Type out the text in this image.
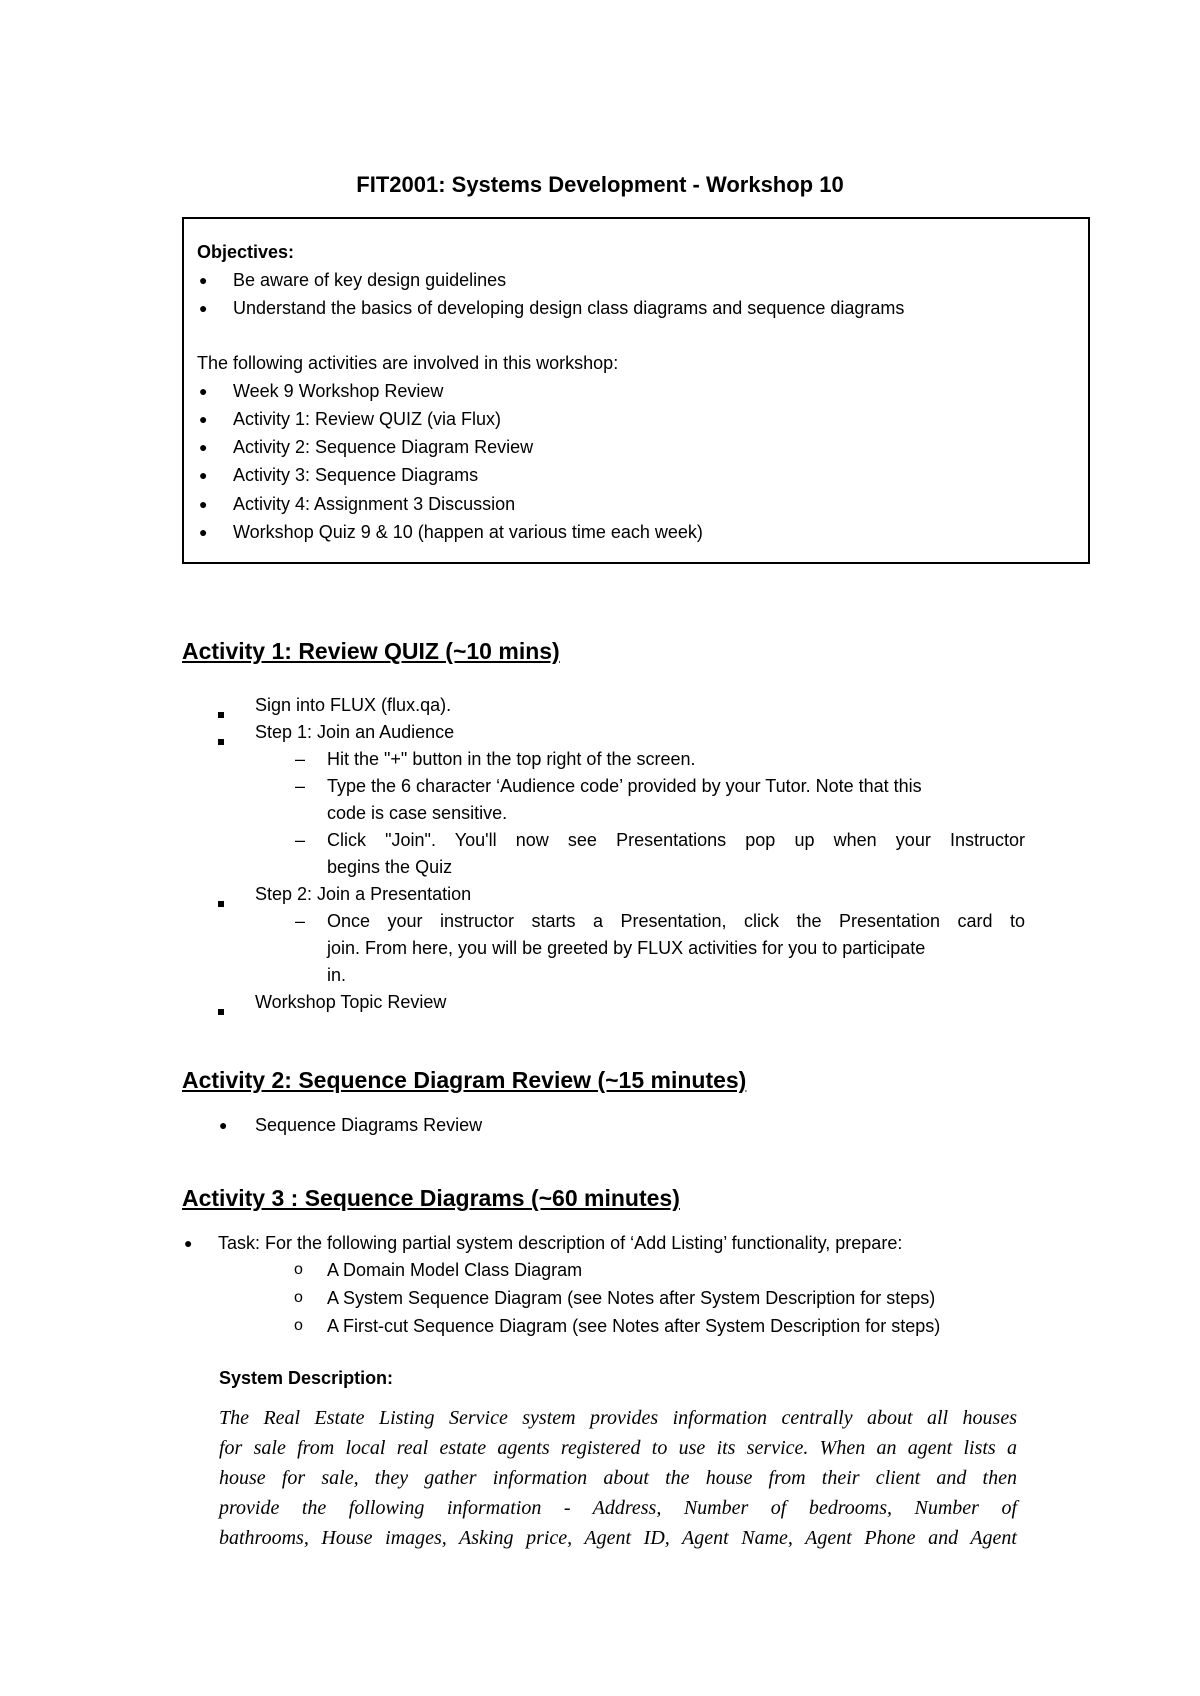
FIT2001: Systems Development - Workshop 10
Objectives:
● Be aware of key design guidelines
● Understand the basics of developing design class diagrams and sequence diagrams
The following activities are involved in this workshop:
● Week 9 Workshop Review
● Activity 1: Review QUIZ (via Flux)
● Activity 2: Sequence Diagram Review
● Activity 3: Sequence Diagrams
● Activity 4: Assignment 3 Discussion
● Workshop Quiz 9 & 10 (happen at various time each week)
Activity 1: Review QUIZ (~10 mins)
Sign into FLUX (flux.qa).
Step 1: Join an Audience
– Hit the "+" button in the top right of the screen.
– Type the 6 character ‘Audience code’ provided by your Tutor. Note that this
code is case sensitive.
– Click "Join". You'll now see Presentations pop up when your Instructor
begins the Quiz
Step 2: Join a Presentation
– Once your instructor starts a Presentation, click the Presentation card to
join. From here, you will be greeted by FLUX activities for you to participate
in.
Workshop Topic Review
Activity 2: Sequence Diagram Review (~15 minutes)
● Sequence Diagrams Review
Activity 3 : Sequence Diagrams (~60 minutes)
● Task: For the following partial system description of ‘Add Listing’ functionality, prepare:
o A Domain Model Class Diagram
o A System Sequence Diagram (see Notes after System Description for steps)
o A First-cut Sequence Diagram (see Notes after System Description for steps)
System Description:
The Real Estate Listing Service system provides information centrally about all houses
for sale from local real estate agents registered to use its service. When an agent lists a
house for sale, they gather information about the house from their client and then
provide the following information - Address, Number of bedrooms, Number of
bathrooms, House images, Asking price, Agent ID, Agent Name, Agent Phone and Agent
